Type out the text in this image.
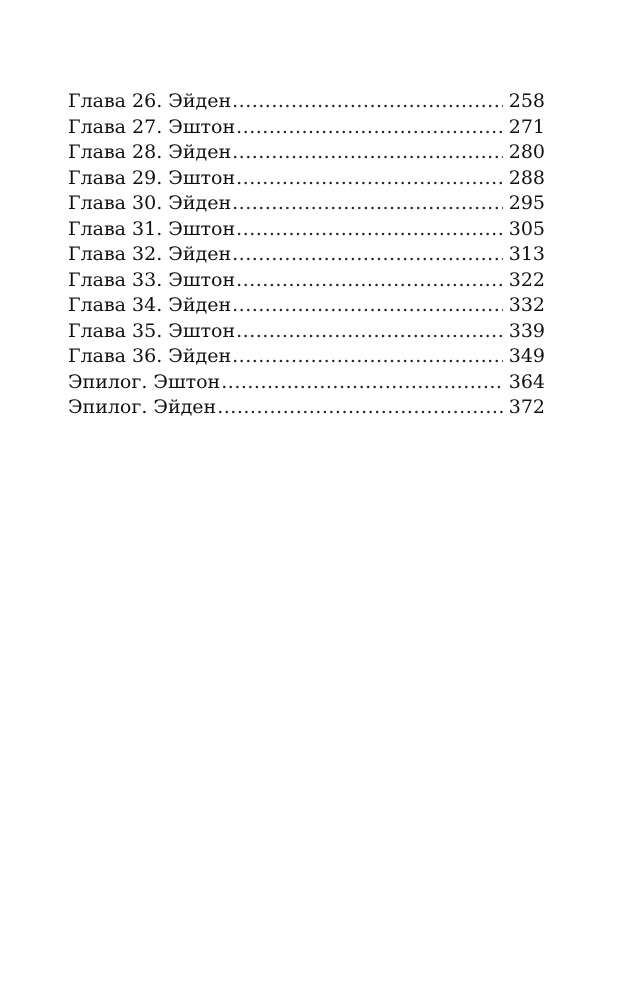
Глава 26. Эйден .....	258
Глава 27. Эштон .....	271
Глава 28. Эйден .....	280
Глава 29. Эштон .....	288
Глава 30. Эйден .....	295
Глава 31. Эштон .....	305
Глава 32. Эйден .....	313
Глава 33. Эштон .....	322
Глава 34. Эйден .....	332
Глава 35. Эштон .....	339
Глава 36. Эйден .....	349
Эпилог. Эштон .....	364
Эпилог. Эйден .....	372
